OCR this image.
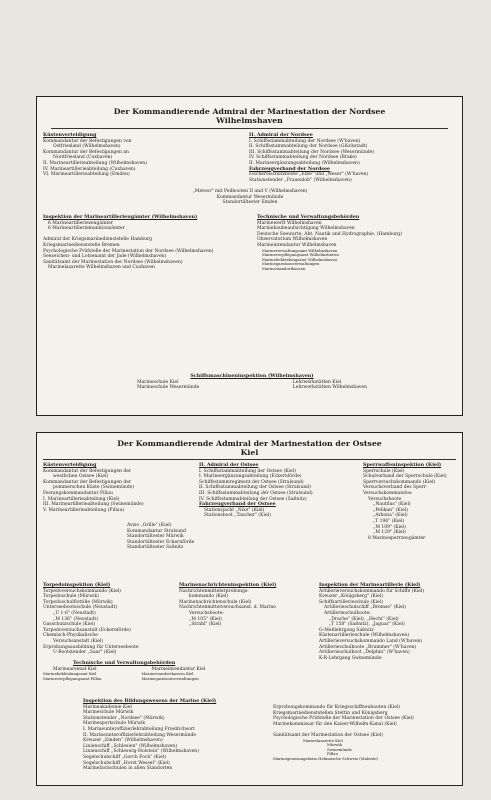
Der Kommandierende Admiral der Marinestation der Nordsee
Wilhelmshaven
Küstenverteidigung
Kommandantur der Befestigungen von
Ostfriesland (Wilhelmshaven)
Kommandantur der Befestigungen an
Nordfriesland (Cuxhaven)
II. Marineartillerieabteilung (Wilhelmshaven)
IV. Marineartillerieabteilung (Cuxhaven)
VI. Marineartillerieabteilung (Emden)
II. Admiral der Nordsee
I. Schiffsstammabteilung der Nordsee (W'haven)
II. Schiffsstammabteilung der Nordsee (Glückstadt)
III. Schiffsstammabteilung der Nordsee (Wesermünde)
IV. Schiffsstammabteilung der Nordsee (Brake)
II. Marineergänzungsabteilung (Wilhelmshaven)
Fahrzeugverband der Nordsee
Fischereischutzboote „Elbe" und „Weser" (W'haven)
Stationstender „Frauenlob" (Wilhelmshaven)
„Meteor" mit Peilbooten II und V (Wilhelmshaven)
Kommandantur Wesermünde
Standortältester Emden
Inspektion der Marineartillerieugämter (Wilhelmshaven)
6 Marineartilleriezeugämter
6 Marineartilleriemunitionsämter

Admiral der Kriegsmarinedienststelle Hamburg
Kriegsmarinedienststelle Bremen
Psychologische Prüfstelle der Marinestation der Nordsee (Wilhelmshaven)
Seezeichen- und Lotsenamt der Jade (Wilhelmshaven)
Sanitätsamt der Marinestation der Nordsee (Wilhelmshaven)
Marinelazarette Wilhelmshaven und Cuxhaven
Technische und Verwaltungsbehörden
Marinewerft Wilhelmshaven
Marinebaubeaufsichtigung Wilhelmshaven
Deutsche Seewarte, Abt. Nautik und Hydrographie, (Hamburg)
Observatorium Wilhelmshaven
Marineintendantur Wilhelmshaven
Marineverwaltungsamt Wilhelmshaven
Marineverpflegungsamt Wilhelmshaven
Marinebekleidungsamt Wilhelmshaven
Marinegarnisonverwaltungen
Marinestandortkassen
Schiffsmaschineninspektion (Wilhelmshaven)
Marineschule Kiel
Marineschule Wesermünde
Lehrwerkstätten Kiel
Lehrwerkstätten Wilhelmshaven
Der Kommandierende Admiral der Marinestation der Ostsee
Kiel
Küstenverteidigung
Kommandantur der Befestigungen der
westlichen Ostsee (Kiel)
Kommandantur der Befestigungen der
pommerschen Küste (Swinemünde)
Festungskommandantur Pillau
I. Marineartillerieabteilung (Kiel)
III. Marineartillerieabteilung (Swinemünde)
V. Marineartillerieabteilung (Pillau)
II. Admiral der Ostsee
I. Schiffsstammabteilung der Ostsee (Kiel)
I. Marineergänzungsabteilung (Eckernförde)
Schiffsstammregiment der Ostsee (Stralsund)
II. Schiffsstammabteilung der Ostsee (Stralsund)
III. Schiffsstammabteilung der Ostsee (Stralsund)
IV. Schiffsstammabteilung der Ostsee (Saßnitz)
Fahrzeugverband der Ostsee
Stationsjacht „Nixe" (Kiel)
Stationsboot „Taucher" (Kiel)
Sperrwaffeninspektion (Kiel)
Sperrschule (Kiel)
Schulverband der Sperrschule (Kiel)
Sperrversuchskommando (Kiel)
Versuchsverband des Sperr-
Versuchskommandos:
Versuchsboote
„Nautilus" (Kiel)
„Pelikan" (Kiel)
„Arkona" (Kiel)
„T 196" (Kiel)
„M 109" (Kiel)
„M 129" (Kiel)
8 Marinesperrzeugämter
Aviso „Grille" (Kiel)
Kommandantur Stralsund
Standortältester Mürwik
Standortältester Eckernförde
Standortältester Saßnitz
Torpedoinspektion (Kiel)
Torpedoversuchskommando (Kiel)
Torpedoschule (Mürwik)
Torpedoschulflottille (Mürwik)
Unterseebootsschule (Neustadt)
„U 1-6" (Neustadt)
„M 136" (Neustadt)
Gasschutzschule (Kiel)
Torpedoversuchsanstalt (Eckernförde)
Chemisch-Physikalische
Versuchsanstalt (Kiel)
Erprobungsausbildung für Unterseeboote
U-Bootstender „Saar" (Kiel)
Marinenachrichteninspektion (Kiel)
Nachrichtenmittelerprobungs-
kommando (Kiel)
Marinenachrichtenschule (Kiel)
Nachrichtenmittelversuchsanst. d. Marine
Versuchsboote:
„M 105" (Kiel)
„Strahl" (Kiel)
Inspektion der Marineartillerie (Kiel)
Artillerieversuchskommando für Schiffe (Kiel)
Kreuzer „Königsberg" (Kiel)
Schiffsartillerieschule (Kiel)
Artillerieschulschiff „Bremse" (Kiel)
Artillerieschulboote:
„Drache" (Kiel), „Hecht" (Kiel)
„T 158" (Saßnitz), „Jaguar" (Kiel)
G-Meßlehrgang Saßnitz
Küstenartillerieschule (Wilhelmshaven)
Artillerieversuchskommando Land (W'haven)
Artillerieschulboote „Brummer" (W'haven)
Artillerieschulboot „Delphin" (W'haven)
K-R-Lehrgang Swinemünde
Technische und Verwaltungsbehörden
Marinearsenal Kiel
Marinebekleidungsamt Kiel
Marineverpflegungsamt Pillau
Marineintendantur Kiel
Marinestandortkassen Kiel
Marinegarnisonverwaltungen
Inspektion des Bildungswesens der Marine (Kiel)
Marineakademie Kiel
Marineschule Mürwik
Stationstender „Nordsee" (Mürwik)
Marinesportschule Mürwik
I. Marineunteroffizierlehrabteilung Friedrichsort
II. Marineunteroffizierlehrabteilung Wesermünde
Kreuzer „Emden" (Wilhelmshaven)
Linienschiff „Schlesien" (Wilhelmshaven)
Linienschiff „Schleswig-Holstein" (Wilhelmshaven)
Segelschulschiff „Gorch Fock" (Kiel)
Segelschulschiff „Horst Wessel" (Kiel)
Marinefachschulen in allen Standorten
Erprobungskommando für Kriegsschiffneubauten (Kiel)
Kriegsmarinedienststellen Stettin und Königsberg
Psychologische Prüfstelle der Marinestation der Ostsee (Kiel)
Marinekommissar für den Kaiser-Wilhelm-Kanal (Kiel)

Sanitätsamt der Marinestation der Ostsee (Kiel)
Marinelazarette Kiel
Mürwik
Swinemünde
Pillau
Marinegenesungsheim Helmnische Schweiz (Malente)
